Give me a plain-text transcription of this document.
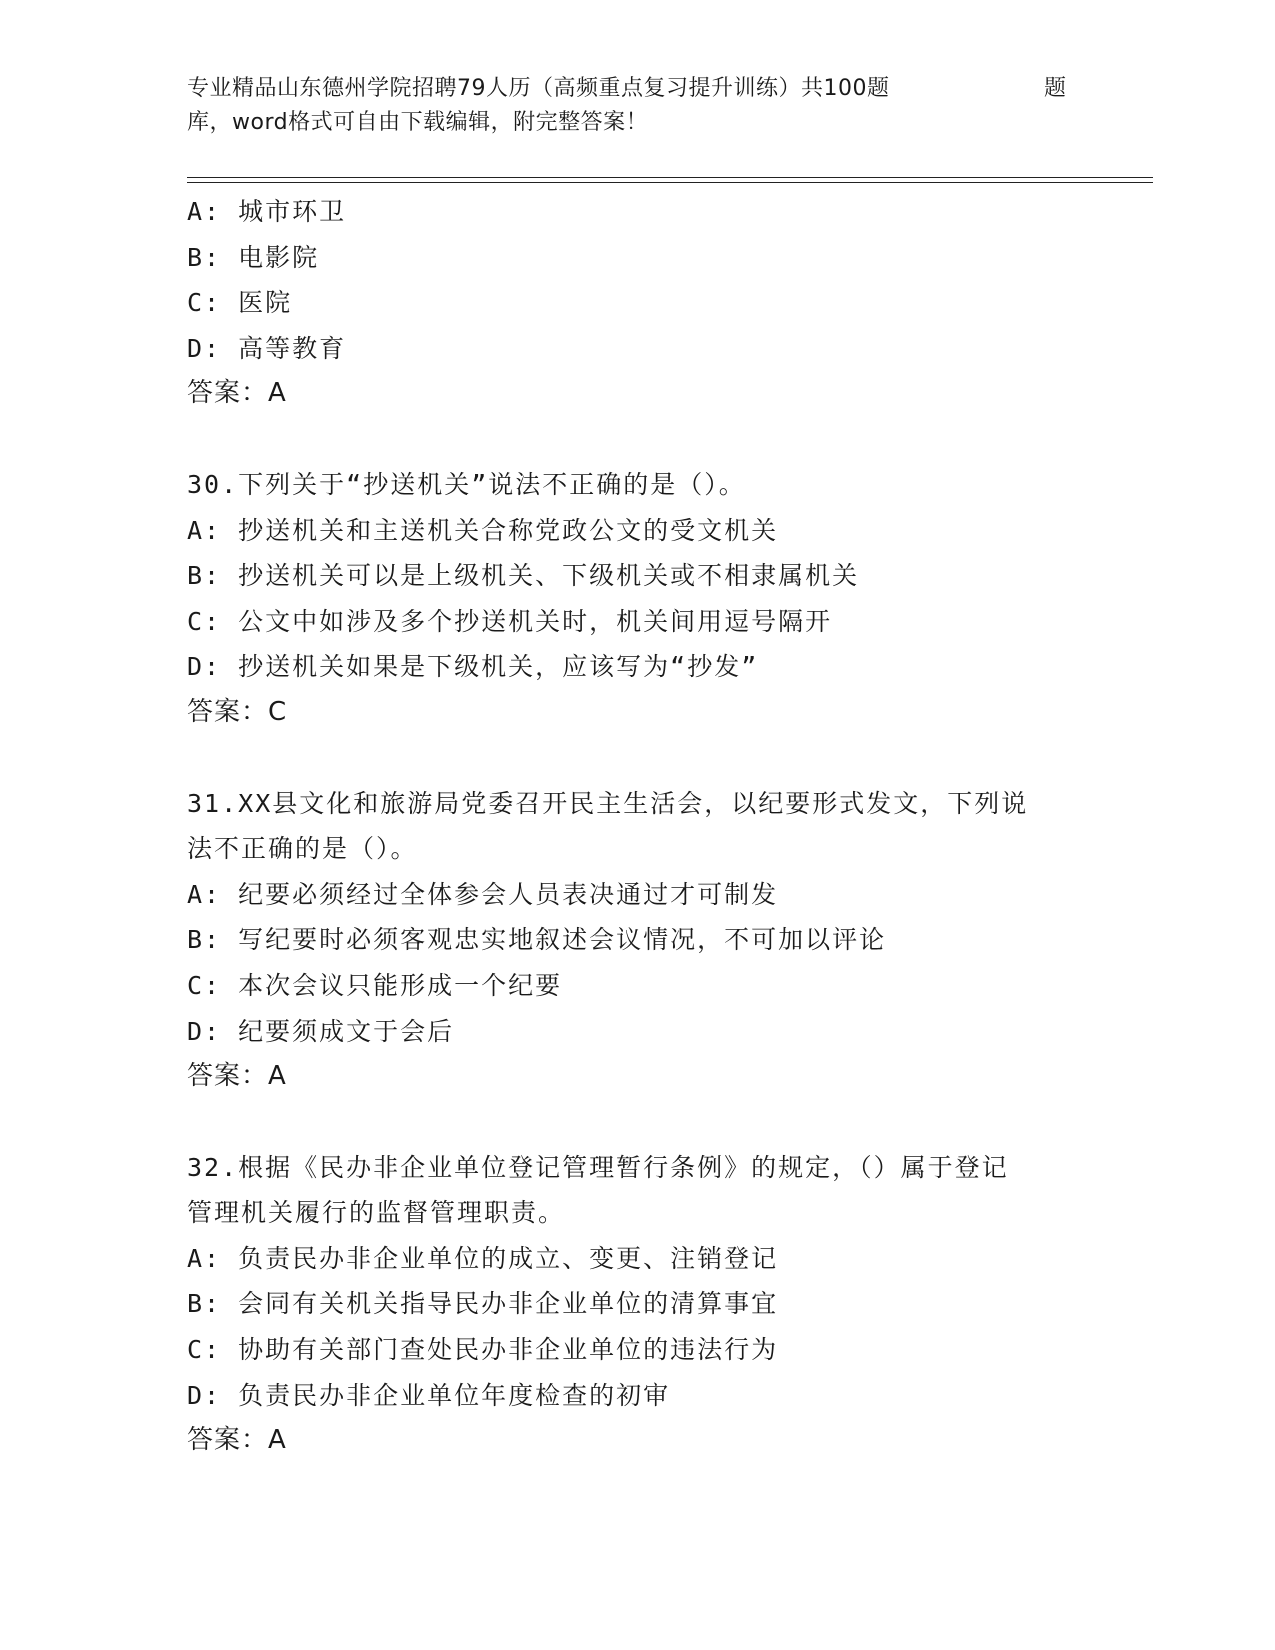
专业精品山东德州学院招聘79人历（高频重点复习提升训练）共100题	题
库，word格式可自由下载编辑，附完整答案！
A: 城市环卫
B: 电影院
C: 医院
D: 高等教育
答案：A
30.下列关于“抄送机关”说法不正确的是（）。
A: 抄送机关和主送机关合称党政公文的受文机关
B: 抄送机关可以是上级机关、下级机关或不相隶属机关
C: 公文中如涉及多个抄送机关时，机关间用逗号隔开
D: 抄送机关如果是下级机关，应该写为“抄发”
答案：C
31.XX县文化和旅游局党委召开民主生活会，以纪要形式发文，下列说
法不正确的是（）。
A: 纪要必须经过全体参会人员表决通过才可制发
B: 写纪要时必须客观忠实地叙述会议情况，不可加以评论
C: 本次会议只能形成一个纪要
D: 纪要须成文于会后
答案：A
32.根据《民办非企业单位登记管理暂行条例》的规定，（）属于登记
管理机关履行的监督管理职责。
A: 负责民办非企业单位的成立、变更、注销登记
B: 会同有关机关指导民办非企业单位的清算事宜
C: 协助有关部门查处民办非企业单位的违法行为
D: 负责民办非企业单位年度检查的初审
答案：A
